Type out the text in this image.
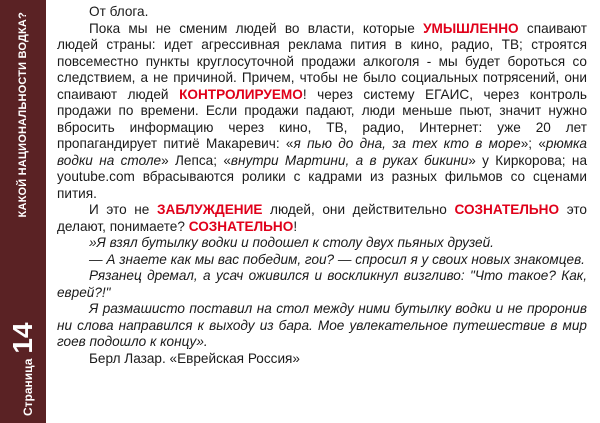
Страница
14
КАКОЙ НАЦИОНАЛЬНОСТИ ВОДКА?

От блога.

Пока мы не сменим людей во власти, которые УМЫШЛЕННО спаивают людей страны: идет агрессивная реклама пития в кино, радио, ТВ; строятся повсеместно пункты круглосуточной продажи алкоголя - мы будет бороться со следствием, а не причиной. Причем, чтобы не было социальных потрясений, они спаивают людей КОНТРОЛИРУЕМО! через систему ЕГАИС, через контроль продажи по времени. Если продажи падают, люди меньше пьют, значит нужно вбросить информацию через кино, ТВ, радио, Интернет: уже 20 лет пропагандирует питиё Макаревич: «я пью до дна, за тех кто в море»; «рюмка водки на столе» Лепса; «внутри Мартини, а в руках бикини» у Киркорова; на youtube.com вбрасываются ролики с кадрами из разных фильмов со сценами пития.

И это не ЗАБЛУЖДЕНИЕ людей, они действительно СОЗНАТЕЛЬНО это делают, понимаете? СОЗНАТЕЛЬНО!

»Я взял бутылку водки и подошел к столу двух пьяных друзей.

— А знаете как мы вас победим, гои? — спросил я у своих новых знакомцев.

Рязанец дремал, а усач оживился и воскликнул визгливо: "Что такое? Как, еврей?!"

Я размашисто поставил на стол между ними бутылку водки и не проронив ни слова направился к выходу из бара. Мое увлекательное путешествие в мир гоев подошло к концу».

Берл Лазар. «Еврейская Россия»
